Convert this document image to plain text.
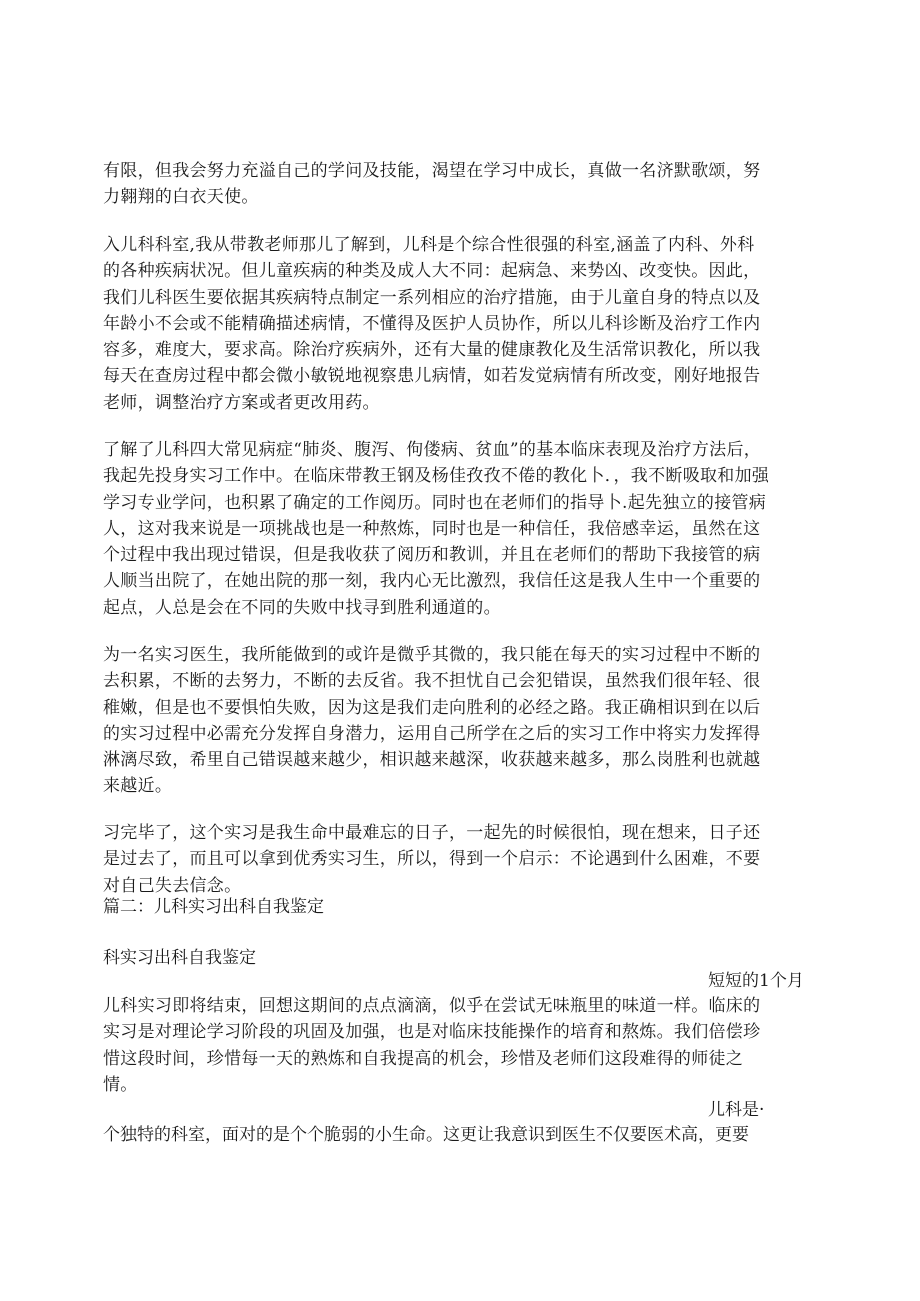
有限，但我会努力充溢自己的学问及技能，渴望在学习中成长，真做一名济默歌颂，努
力翱翔的白衣天使。
入儿科科室,我从带教老师那儿了解到，儿科是个综合性很强的科室,涵盖了内科、外科
的各种疾病状况。但儿童疾病的种类及成人大不同：起病急、来势凶、改变快。因此，
我们儿科医生要依据其疾病特点制定一系列相应的治疗措施，由于儿童自身的特点以及
年龄小不会或不能精确描述病情，不懂得及医护人员协作，所以儿科诊断及治疗工作内
容多，难度大，要求高。除治疗疾病外，还有大量的健康教化及生活常识教化，所以我
每天在查房过程中都会微小敏锐地视察患儿病情，如若发觉病情有所改变，刚好地报告
老师，调整治疗方案或者更改用药。
了解了儿科四大常见病症“肺炎、腹泻、佝偻病、贫血”的基本临床表现及治疗方法后，
我起先投身实习工作中。在临床带教王钢及杨佳孜孜不倦的教化卜．，我不断吸取和加强
学习专业学问，也积累了确定的工作阅历。同时也在老师们的指导卜.起先独立的接管病
人，这对我来说是一项挑战也是一种熬炼，同时也是一种信任，我倍感幸运，虽然在这
个过程中我出现过错误，但是我收获了阅历和教训，并且在老师们的帮助下我接管的病
人顺当出院了，在她出院的那一刻，我内心无比激烈，我信任这是我人生中一个重要的
起点，人总是会在不同的失败中找寻到胜利通道的。
为一名实习医生，我所能做到的或许是微乎其微的，我只能在每天的实习过程中不断的
去积累，不断的去努力，不断的去反省。我不担忧自己会犯错误，虽然我们很年轻、很
稚嫩，但是也不要惧怕失败，因为这是我们走向胜利的必经之路。我正确相识到在以后
的实习过程中必需充分发挥自身潜力，运用自己所学在之后的实习工作中将实力发挥得
淋漓尽致，希里自己错误越来越少，相识越来越深，收获越来越多，那么岗胜利也就越
来越近。
习完毕了，这个实习是我生命中最难忘的日子，一起先的时候很怕，现在想来，日子还
是过去了，而且可以拿到优秀实习生，所以，得到一个启示：不论遇到什么困难，不要
对自己失去信念。
篇二：儿科实习出科自我鉴定
科实习出科自我鉴定
短短的1个月
儿科实习即将结束，回想这期间的点点滴滴，似乎在尝试无味瓶里的味道一样。临床的
实习是对理论学习阶段的巩固及加强，也是对临床技能操作的培育和熬炼。我们倍偿珍
惜这段时间，珍惜每一天的熟炼和自我提高的机会，珍惜及老师们这段难得的师徒之
情。
儿科是·
个独特的科室，面对的是个个脆弱的小生命。这更让我意识到医生不仅要医术高，更要
